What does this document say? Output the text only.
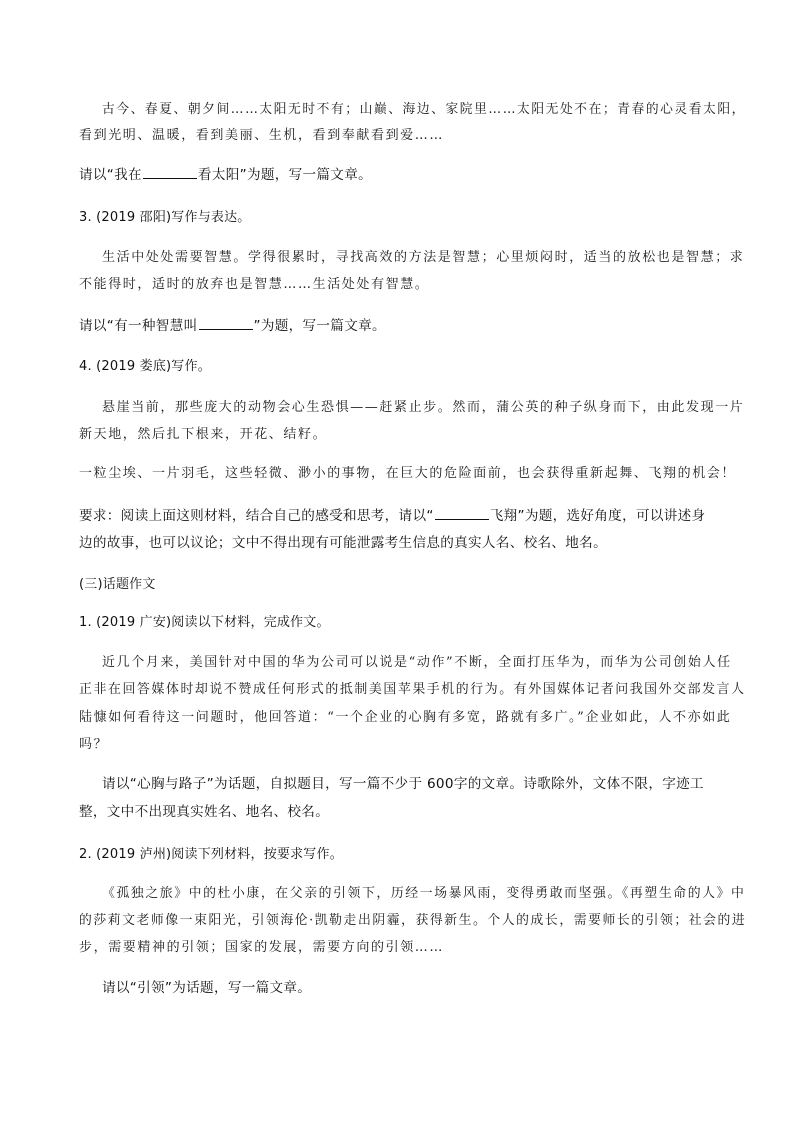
古今、春夏、朝夕间……太阳无时不有；山巅、海边、家院里……太阳无处不在；青春的心灵看太阳，
看到光明、温暖，看到美丽、生机，看到奉献看到爱……
请以“我在	看太阳”为题，写一篇文章。
3. (2019 邵阳)写作与表达。
生活中处处需要智慧。学得很累时，寻找高效的方法是智慧；心里烦闷时，适当的放松也是智慧；求
不能得时，适时的放弃也是智慧……生活处处有智慧。
请以“有一种智慧叫	”为题，写一篇文章。
4. (2019 娄底)写作。
悬崖当前，那些庞大的动物会心生恐惧——赶紧止步。然而，蒲公英的种子纵身而下，由此发现一片
新天地，然后扎下根来，开花、结籽。
一粒尘埃、一片羽毛，这些轻微、渺小的事物，在巨大的危险面前，也会获得重新起舞、飞翔的机会！
要求：阅读上面这则材料，结合自己的感受和思考，请以“	飞翔”为题，选好角度，可以讲述身
边的故事，也可以议论；文中不得出现有可能泄露考生信息的真实人名、校名、地名。
(三)话题作文
1. (2019 广安)阅读以下材料，完成作文。
近几个月来，美国针对中国的华为公司可以说是“动作”不断，全面打压华为，而华为公司创始人任
正非在回答媒体时却说不赞成任何形式的抵制美国苹果手机的行为。有外国媒体记者问我国外交部发言人
陆慷如何看待这一问题时，他回答道：“一个企业的心胸有多宽，路就有多广。”企业如此，人不亦如此
吗？
请以“心胸与路子”为话题，自拟题目，写一篇不少于 600字的文章。诗歌除外，文体不限，字迹工
整，文中不出现真实姓名、地名、校名。
2. (2019 泸州)阅读下列材料，按要求写作。
《孤独之旅》中的杜小康，在父亲的引领下，历经一场暴风雨，变得勇敢而坚强。《再塑生命的人》中
的莎莉文老师像一束阳光，引领海伦·凯勒走出阴霾，获得新生。个人的成长，需要师长的引领；社会的进
步，需要精神的引领；国家的发展，需要方向的引领……
请以“引领”为话题，写一篇文章。
